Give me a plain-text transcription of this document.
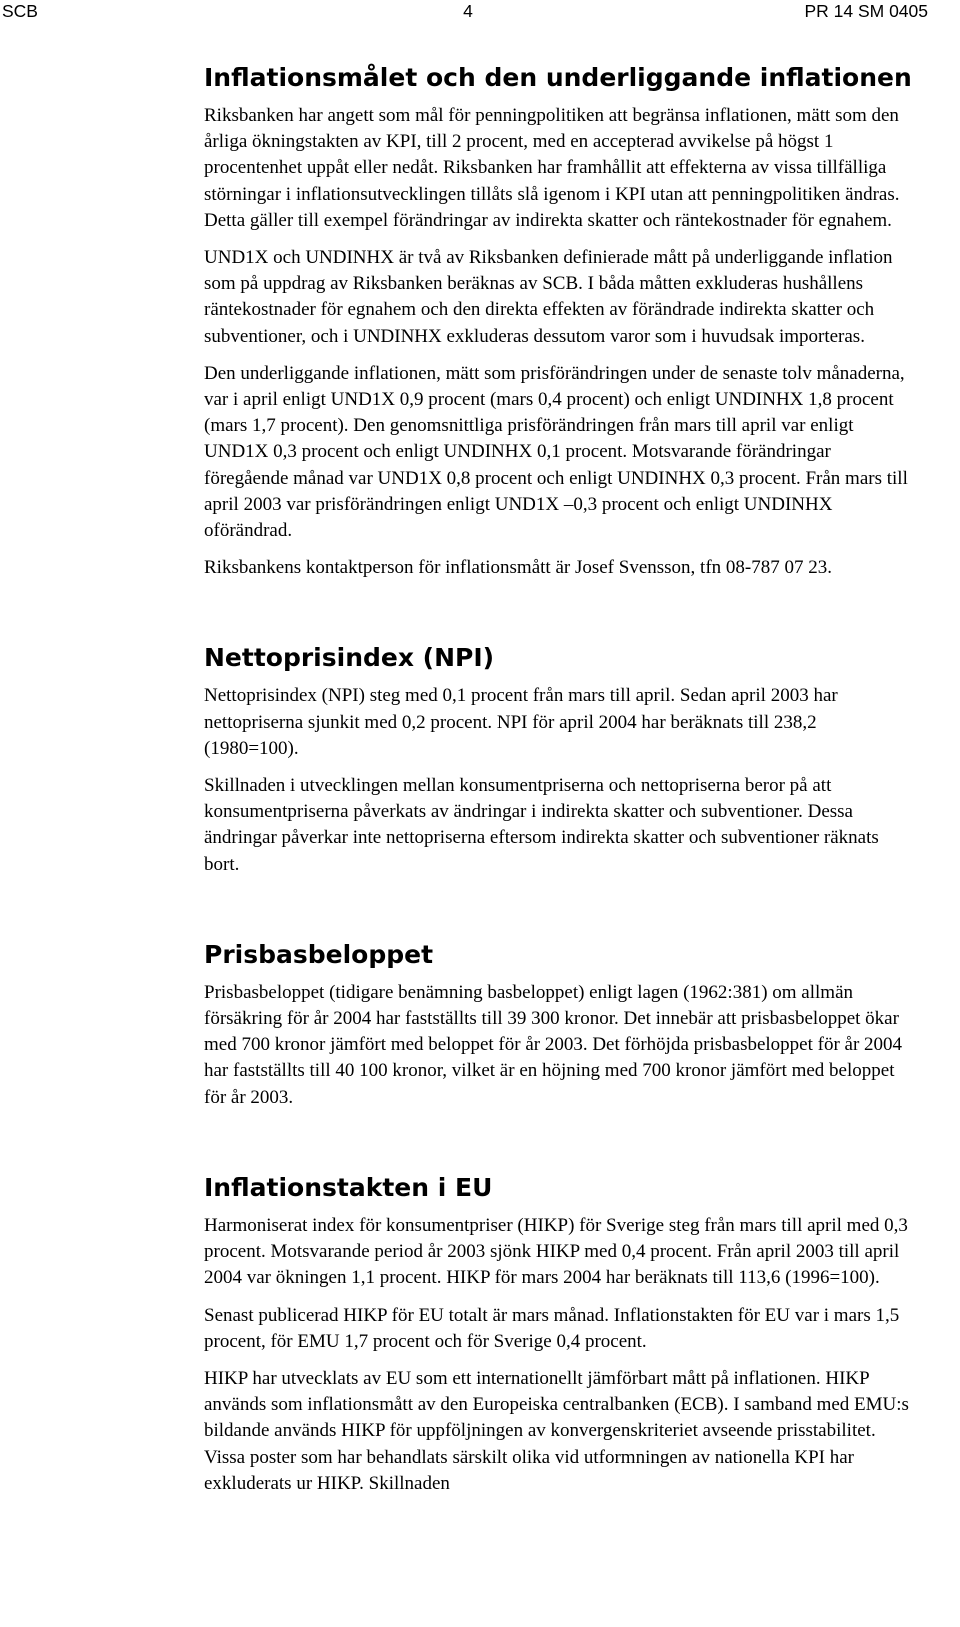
SCB	4	PR 14 SM 0405
Inflationsmålet och den underliggande inflationen

Riksbanken har angett som mål för penningpolitiken att begränsa inflationen, mätt som den årliga ökningstakten av KPI, till 2 procent, med en accepterad avvikelse på högst 1 procentenhet uppåt eller nedåt. Riksbanken har framhållit att effekterna av vissa tillfälliga störningar i inflationsutvecklingen tillåts slå igenom i KPI utan att penningpolitiken ändras. Detta gäller till exempel förändringar av indirekta skatter och räntekostnader för egnahem.

UND1X och UNDINHX är två av Riksbanken definierade mått på underliggande inflation som på uppdrag av Riksbanken beräknas av SCB. I båda måtten exkluderas hushållens räntekostnader för egnahem och den direkta effekten av förändrade indirekta skatter och subventioner, och i UNDINHX exkluderas dessutom varor som i huvudsak importeras.

Den underliggande inflationen, mätt som prisförändringen under de senaste tolv månaderna, var i april enligt UND1X 0,9 procent (mars 0,4 procent) och enligt UNDINHX 1,8 procent (mars 1,7 procent). Den genomsnittliga prisförändringen från mars till april var enligt UND1X 0,3 procent och enligt UNDINHX 0,1 procent. Motsvarande förändringar föregående månad var UND1X 0,8 procent och enligt UNDINHX 0,3 procent. Från mars till april 2003 var prisförändringen enligt UND1X –0,3 procent och enligt UNDINHX oförändrad.

Riksbankens kontaktperson för inflationsmått är Josef Svensson, tfn 08-787 07 23.

Nettoprisindex (NPI)

Nettoprisindex (NPI) steg med 0,1 procent från mars till april. Sedan april 2003 har nettopriserna sjunkit med 0,2 procent. NPI för april 2004 har beräknats till 238,2 (1980=100).

Skillnaden i utvecklingen mellan konsumentpriserna och nettopriserna beror på att konsumentpriserna påverkats av ändringar i indirekta skatter och subventioner. Dessa ändringar påverkar inte nettopriserna eftersom indirekta skatter och subventioner räknats bort.

Prisbasbeloppet

Prisbasbeloppet (tidigare benämning basbeloppet) enligt lagen (1962:381) om allmän försäkring för år 2004 har fastställts till 39 300 kronor. Det innebär att prisbasbeloppet ökar med 700 kronor jämfört med beloppet för år 2003. Det förhöjda prisbasbeloppet för år 2004 har fastställts till 40 100 kronor, vilket är en höjning med 700 kronor jämfört med beloppet för år 2003.

Inflationstakten i EU

Harmoniserat index för konsumentpriser (HIKP) för Sverige steg från mars till april med 0,3 procent. Motsvarande period år 2003 sjönk HIKP med 0,4 procent. Från april 2003 till april 2004 var ökningen 1,1 procent. HIKP för mars 2004 har beräknats till 113,6 (1996=100).

Senast publicerad HIKP för EU totalt är mars månad. Inflationstakten för EU var i mars 1,5 procent, för EMU 1,7 procent och för Sverige 0,4 procent.

HIKP har utvecklats av EU som ett internationellt jämförbart mått på inflationen. HIKP används som inflationsmått av den Europeiska centralbanken (ECB). I samband med EMU:s bildande används HIKP för uppföljningen av konvergenskriteriet avseende prisstabilitet. Vissa poster som har behandlats särskilt olika vid utformningen av nationella KPI har exkluderats ur HIKP. Skillnaden
